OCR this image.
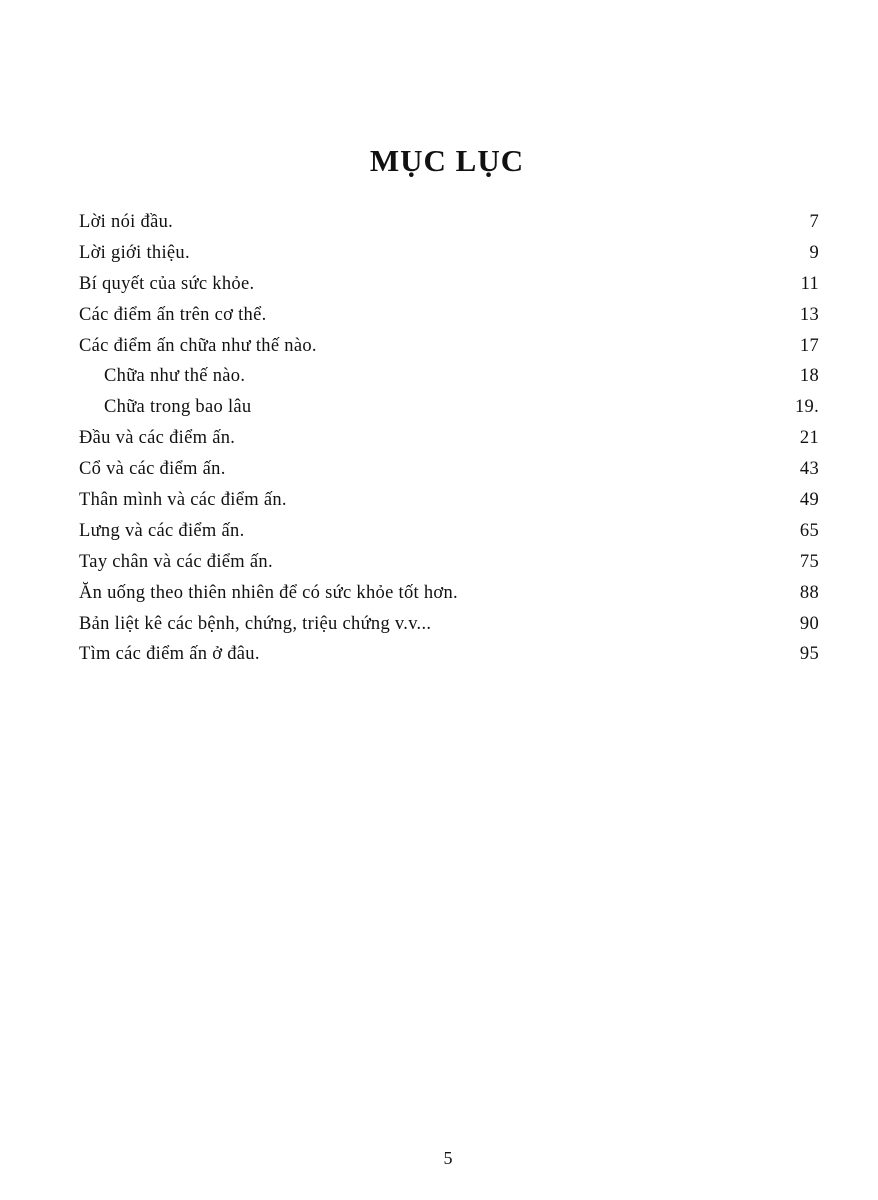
MỤC LỤC
Lời nói đầu.	7
Lời giới thiệu.	9
Bí quyết của sức khỏe.	11
Các điểm ấn trên cơ thể.	13
Các điểm ấn chữa như thế nào.	17
Chữa như thế nào.	18
Chữa trong bao lâu	19.
Đầu và các điểm ấn.	21
Cổ và các điểm ấn.	43
Thân mình và các điểm ấn.	49
Lưng và các điểm ấn.	65
Tay chân và các điểm ấn.	75
Ăn uống theo thiên nhiên để có sức khỏe tốt hơn.	88
Bản liệt kê các bệnh, chứng, triệu chứng v.v...	90
Tìm các điểm ấn ở đâu.	95
5
